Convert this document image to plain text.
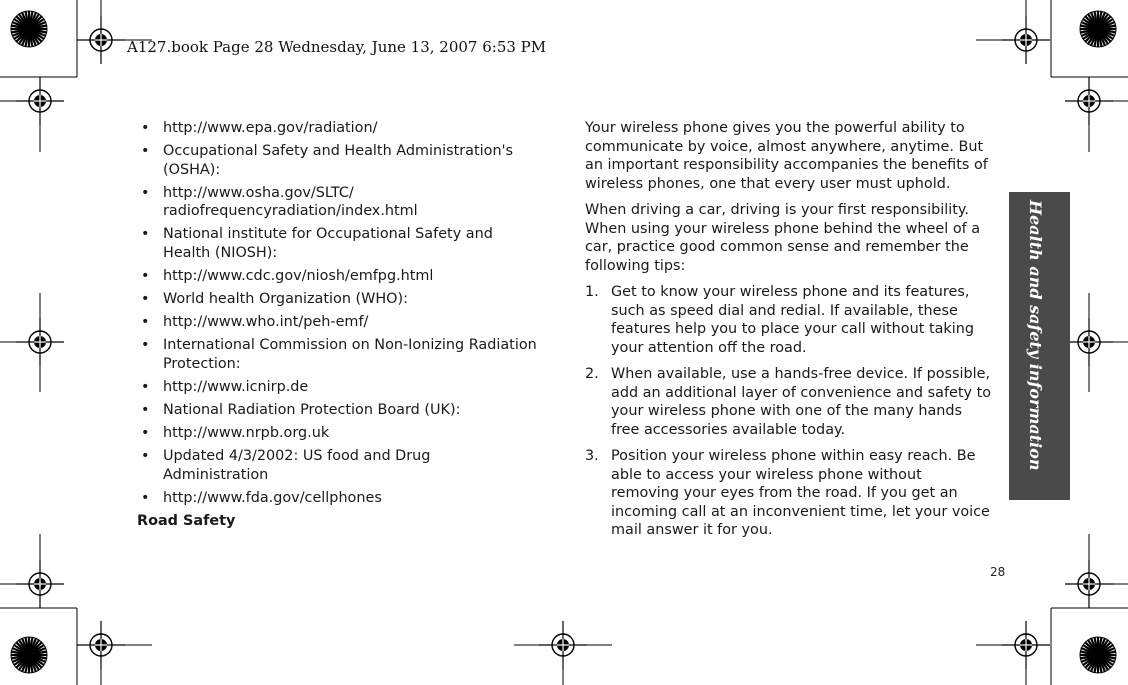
A127.book Page 28 Wednesday, June 13, 2007 6:53 PM
• http://www.epa.gov/radiation/
• Occupational Safety and Health Administration's (OSHA):
• http://www.osha.gov/SLTC/
radiofrequencyradiation/index.html
• National institute for Occupational Safety and Health (NIOSH):
• http://www.cdc.gov/niosh/emfpg.html
• World health Organization (WHO):
• http://www.who.int/peh-emf/
• International Commission on Non-Ionizing Radiation Protection:
• http://www.icnirp.de
• National Radiation Protection Board (UK):
• http://www.nrpb.org.uk
• Updated 4/3/2002: US food and Drug Administration
• http://www.fda.gov/cellphones
Road Safety

Your wireless phone gives you the powerful ability to communicate by voice, almost anywhere, anytime. But an important responsibility accompanies the benefits of wireless phones, one that every user must uphold.

When driving a car, driving is your first responsibility. When using your wireless phone behind the wheel of a car, practice good common sense and remember the following tips:

1. Get to know your wireless phone and its features, such as speed dial and redial. If available, these features help you to place your call without taking your attention off the road.
2. When available, use a hands-free device. If possible, add an additional layer of convenience and safety to your wireless phone with one of the many hands free accessories available today.
3. Position your wireless phone within easy reach. Be able to access your wireless phone without removing your eyes from the road. If you get an incoming call at an inconvenient time, let your voice mail answer it for you.
Health and safety information
28
